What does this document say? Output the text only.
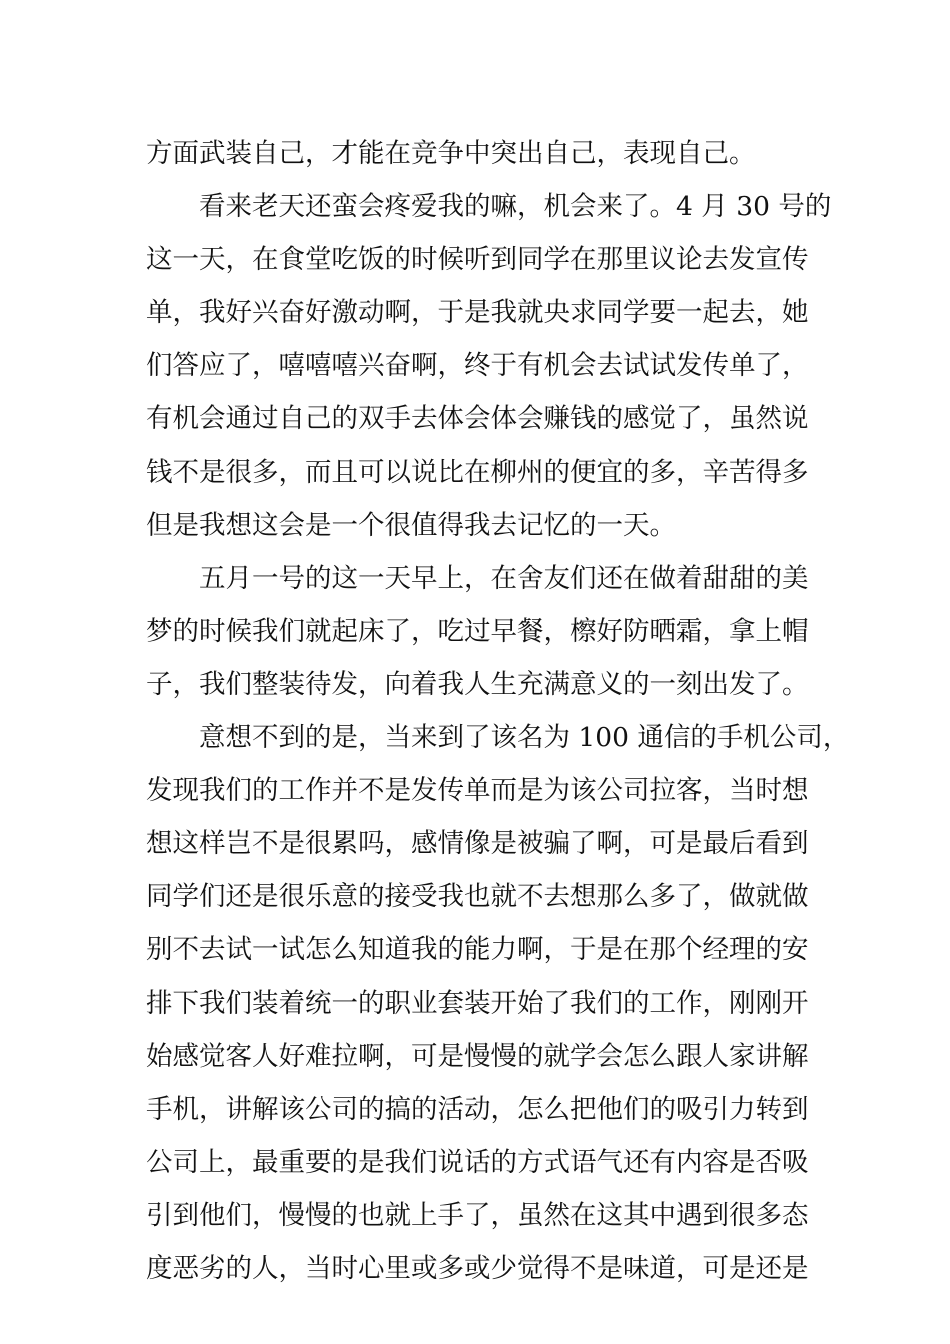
方面武装自己，才能在竞争中突出自己，表现自己。
看来老天还蛮会疼爱我的嘛，机会来了。4 月 30 号的
这一天，在食堂吃饭的时候听到同学在那里议论去发宣传
单，我好兴奋好激动啊，于是我就央求同学要一起去，她
们答应了，嘻嘻嘻兴奋啊，终于有机会去试试发传单了，
有机会通过自己的双手去体会体会赚钱的感觉了，虽然说
钱不是很多，而且可以说比在柳州的便宜的多，辛苦得多
但是我想这会是一个很值得我去记忆的一天。
五月一号的这一天早上，在舍友们还在做着甜甜的美
梦的时候我们就起床了，吃过早餐，檫好防晒霜，拿上帽
子，我们整装待发，向着我人生充满意义的一刻出发了。
意想不到的是，当来到了该名为 100 通信的手机公司，
发现我们的工作并不是发传单而是为该公司拉客，当时想
想这样岂不是很累吗，感情像是被骗了啊，可是最后看到
同学们还是很乐意的接受我也就不去想那么多了，做就做
别不去试一试怎么知道我的能力啊，于是在那个经理的安
排下我们装着统一的职业套装开始了我们的工作，刚刚开
始感觉客人好难拉啊，可是慢慢的就学会怎么跟人家讲解
手机，讲解该公司的搞的活动，怎么把他们的吸引力转到
公司上，最重要的是我们说话的方式语气还有内容是否吸
引到他们，慢慢的也就上手了，虽然在这其中遇到很多态
度恶劣的人，当时心里或多或少觉得不是味道，可是还是
